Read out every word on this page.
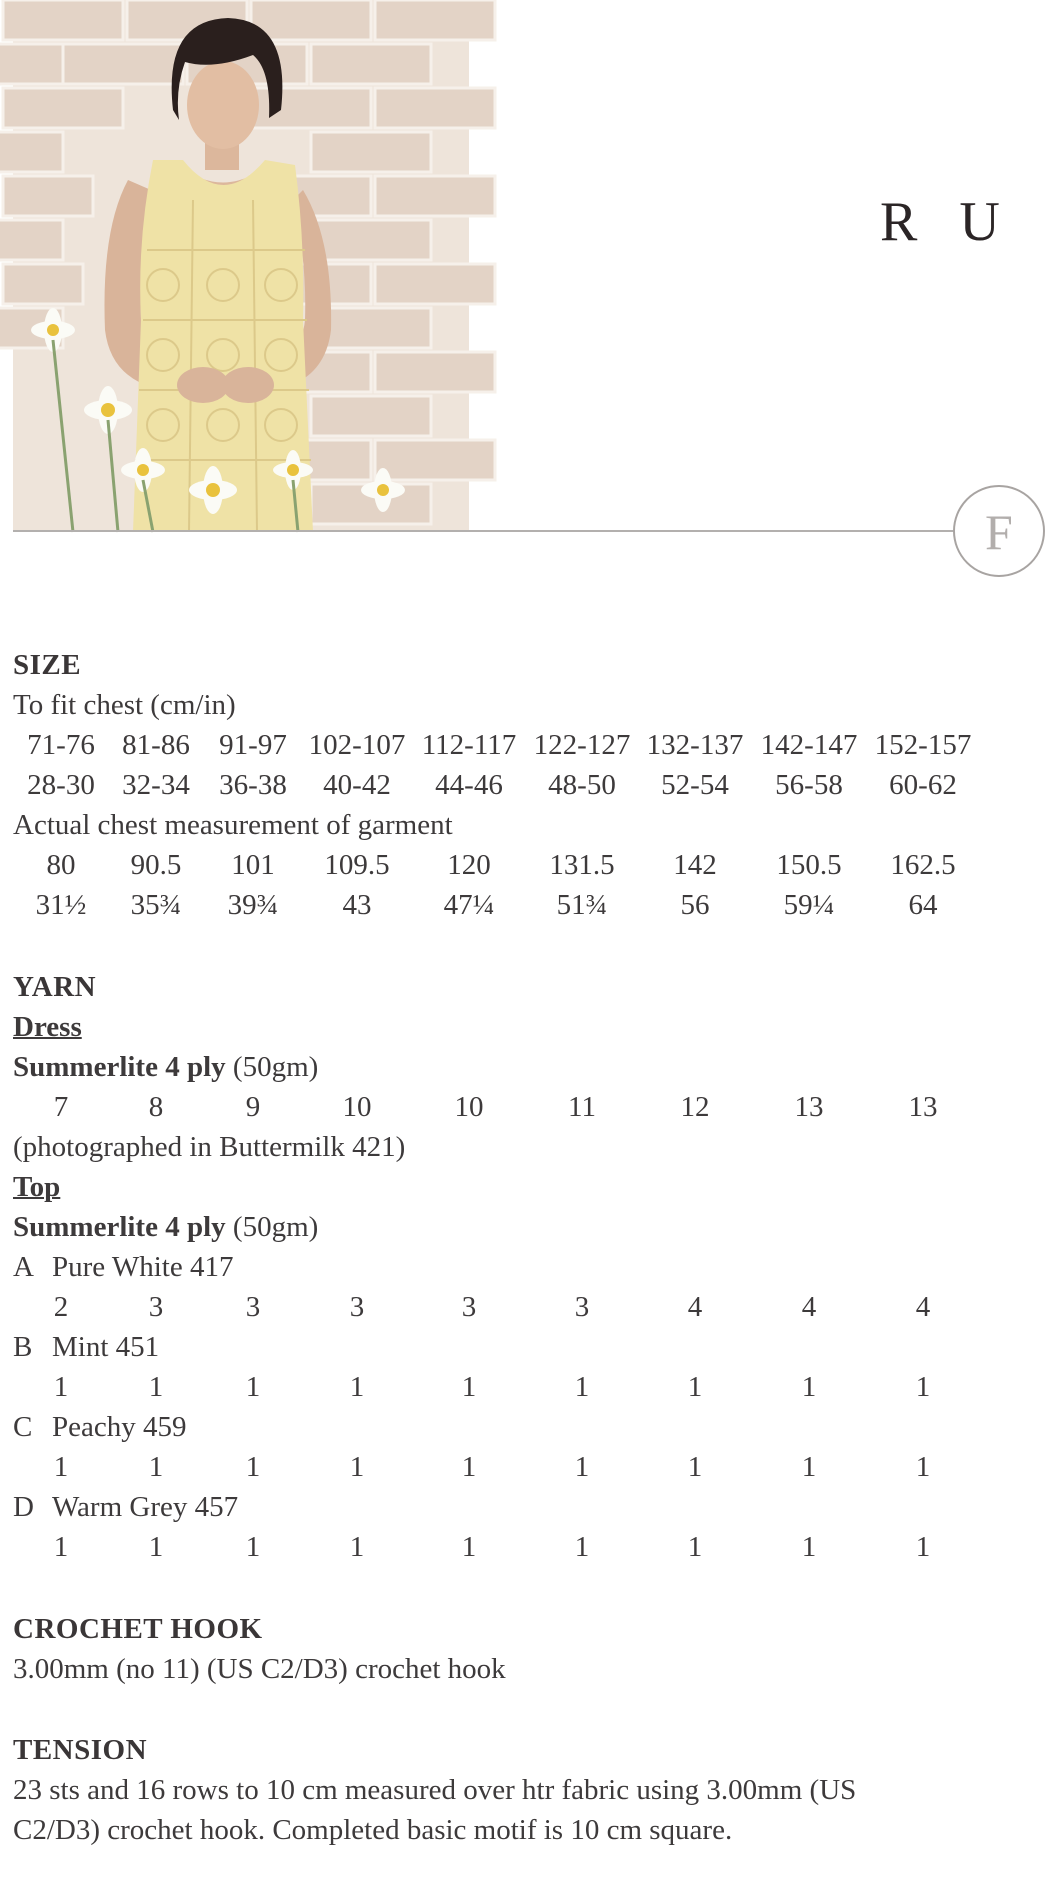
R U
F
SIZE
To fit chest (cm/in)
71-76 81-86 91-97 102-107 112-117 122-127 132-137 142-147 152-157
28-30 32-34 36-38	40-42	44-46	48-50	52-54	56-58	60-62
Actual chest measurement of garment
80	90.5	101	109.5	120	131.5	142	150.5	162.5
31½	35¾	39¾	43	47¼	51¾	56	59¼	64
YARN
Dress
Summerlite 4 ply (50gm)
7	8	9	10	10	11	12	13	13
(photographed in Buttermilk 421)
Top
Summerlite 4 ply (50gm)
A Pure White 417
2	3	3	3	3	3	4	4	4
B Mint 451
1	1	1	1	1	1	1	1	1
C Peachy 459
1	1	1	1	1	1	1	1	1
D Warm Grey 457
1	1	1	1	1	1	1	1	1
CROCHET HOOK
3.00mm (no 11) (US C2/D3) crochet hook
TENSION
23 sts and 16 rows to 10 cm measured over htr fabric using 3.00mm (US
C2/D3) crochet hook. Completed basic motif is 10 cm square.
